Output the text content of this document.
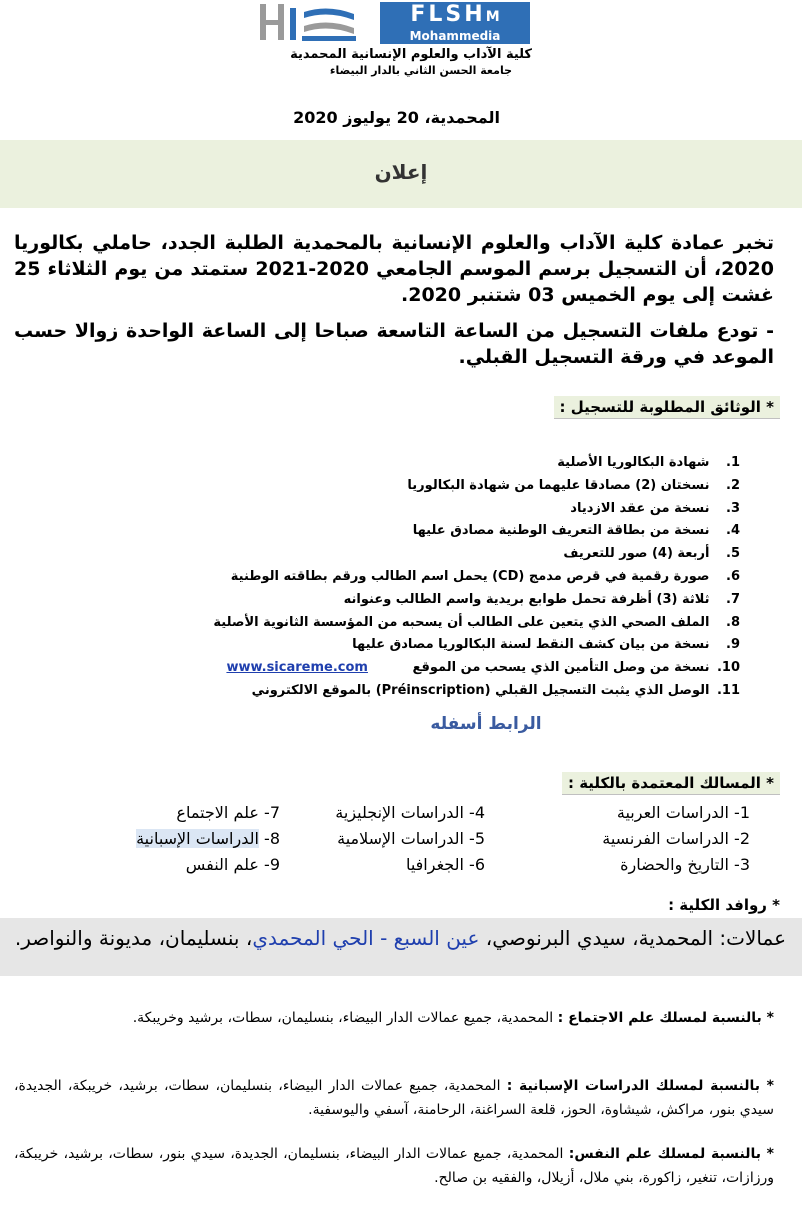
FLSHM
Mohammedia
كلية الآداب والعلوم الإنسانية المحمدية
جامعة الحسن الثاني بالدار البيضاء
المحمدية، 20 يوليوز 2020
إعلان
تخبر عمادة كلية الآداب والعلوم الإنسانية بالمحمدية الطلبة الجدد، حاملي بكالوريا 2020، أن التسجيل برسم الموسم الجامعي 2020-2021 ستمتد من يوم الثلاثاء 25 غشت إلى يوم الخميس 03 شتنبر 2020.
- تودع ملفات التسجيل من الساعة التاسعة صباحا إلى الساعة الواحدة زوالا حسب الموعد في ورقة التسجيل القبلي.
* الوثائق المطلوبة للتسجيل :
1. شهادة البكالوريا الأصلية
2. نسختان (2) مصادقا عليهما من شهادة البكالوريا
3. نسخة من عقد الازدياد
4. نسخة من بطاقة التعريف الوطنية مصادق عليها
5. أربعة (4) صور للتعريف
6. صورة رقمية في قرص مدمج (CD) يحمل اسم الطالب ورقم بطاقته الوطنية
7. ثلاثة (3) أظرفة تحمل طوابع بريدية واسم الطالب وعنوانه
8. الملف الصحي الذي يتعين على الطالب أن يسحبه من المؤسسة الثانوية الأصلية
9. نسخة من بيان كشف النقط لسنة البكالوريا مصادق عليها
10. نسخة من وصل التأمين الذي يسحب من الموقع www.sicareme.com
11. الوصل الذي يثبت التسجيل القبلي (Préinscription) بالموقع الالكتروني
الرابط أسفله
* المسالك المعتمدة بالكلية :
1- الدراسات العربية
2- الدراسات الفرنسية
3- التاريخ والحضارة
4- الدراسات الإنجليزية
5- الدراسات الإسلامية
6- الجغرافيا
7- علم الاجتماع
8- الدراسات الإسبانية
9- علم النفس
* روافد الكلية :
عمالات: المحمدية، سيدي البرنوصي، عين السبع - الحي المحمدي، بنسليمان، مديونة والنواصر.
* بالنسبة لمسلك علم الاجتماع : المحمدية، جميع عمالات الدار البيضاء، بنسليمان، سطات، برشيد وخريبكة.
* بالنسبة لمسلك الدراسات الإسبانية : المحمدية، جميع عمالات الدار البيضاء، بنسليمان، سطات، برشيد، خريبكة، الجديدة، سيدي بنور، مراكش، شيشاوة، الحوز، قلعة السراغنة، الرحامنة، آسفي واليوسفية.
* بالنسبة لمسلك علم النفس: المحمدية، جميع عمالات الدار البيضاء، بنسليمان، الجديدة، سيدي بنور، سطات، برشيد، خريبكة، ورزازات، تنغير، زاكورة، بني ملال، أزيلال، والفقيه بن صالح.
